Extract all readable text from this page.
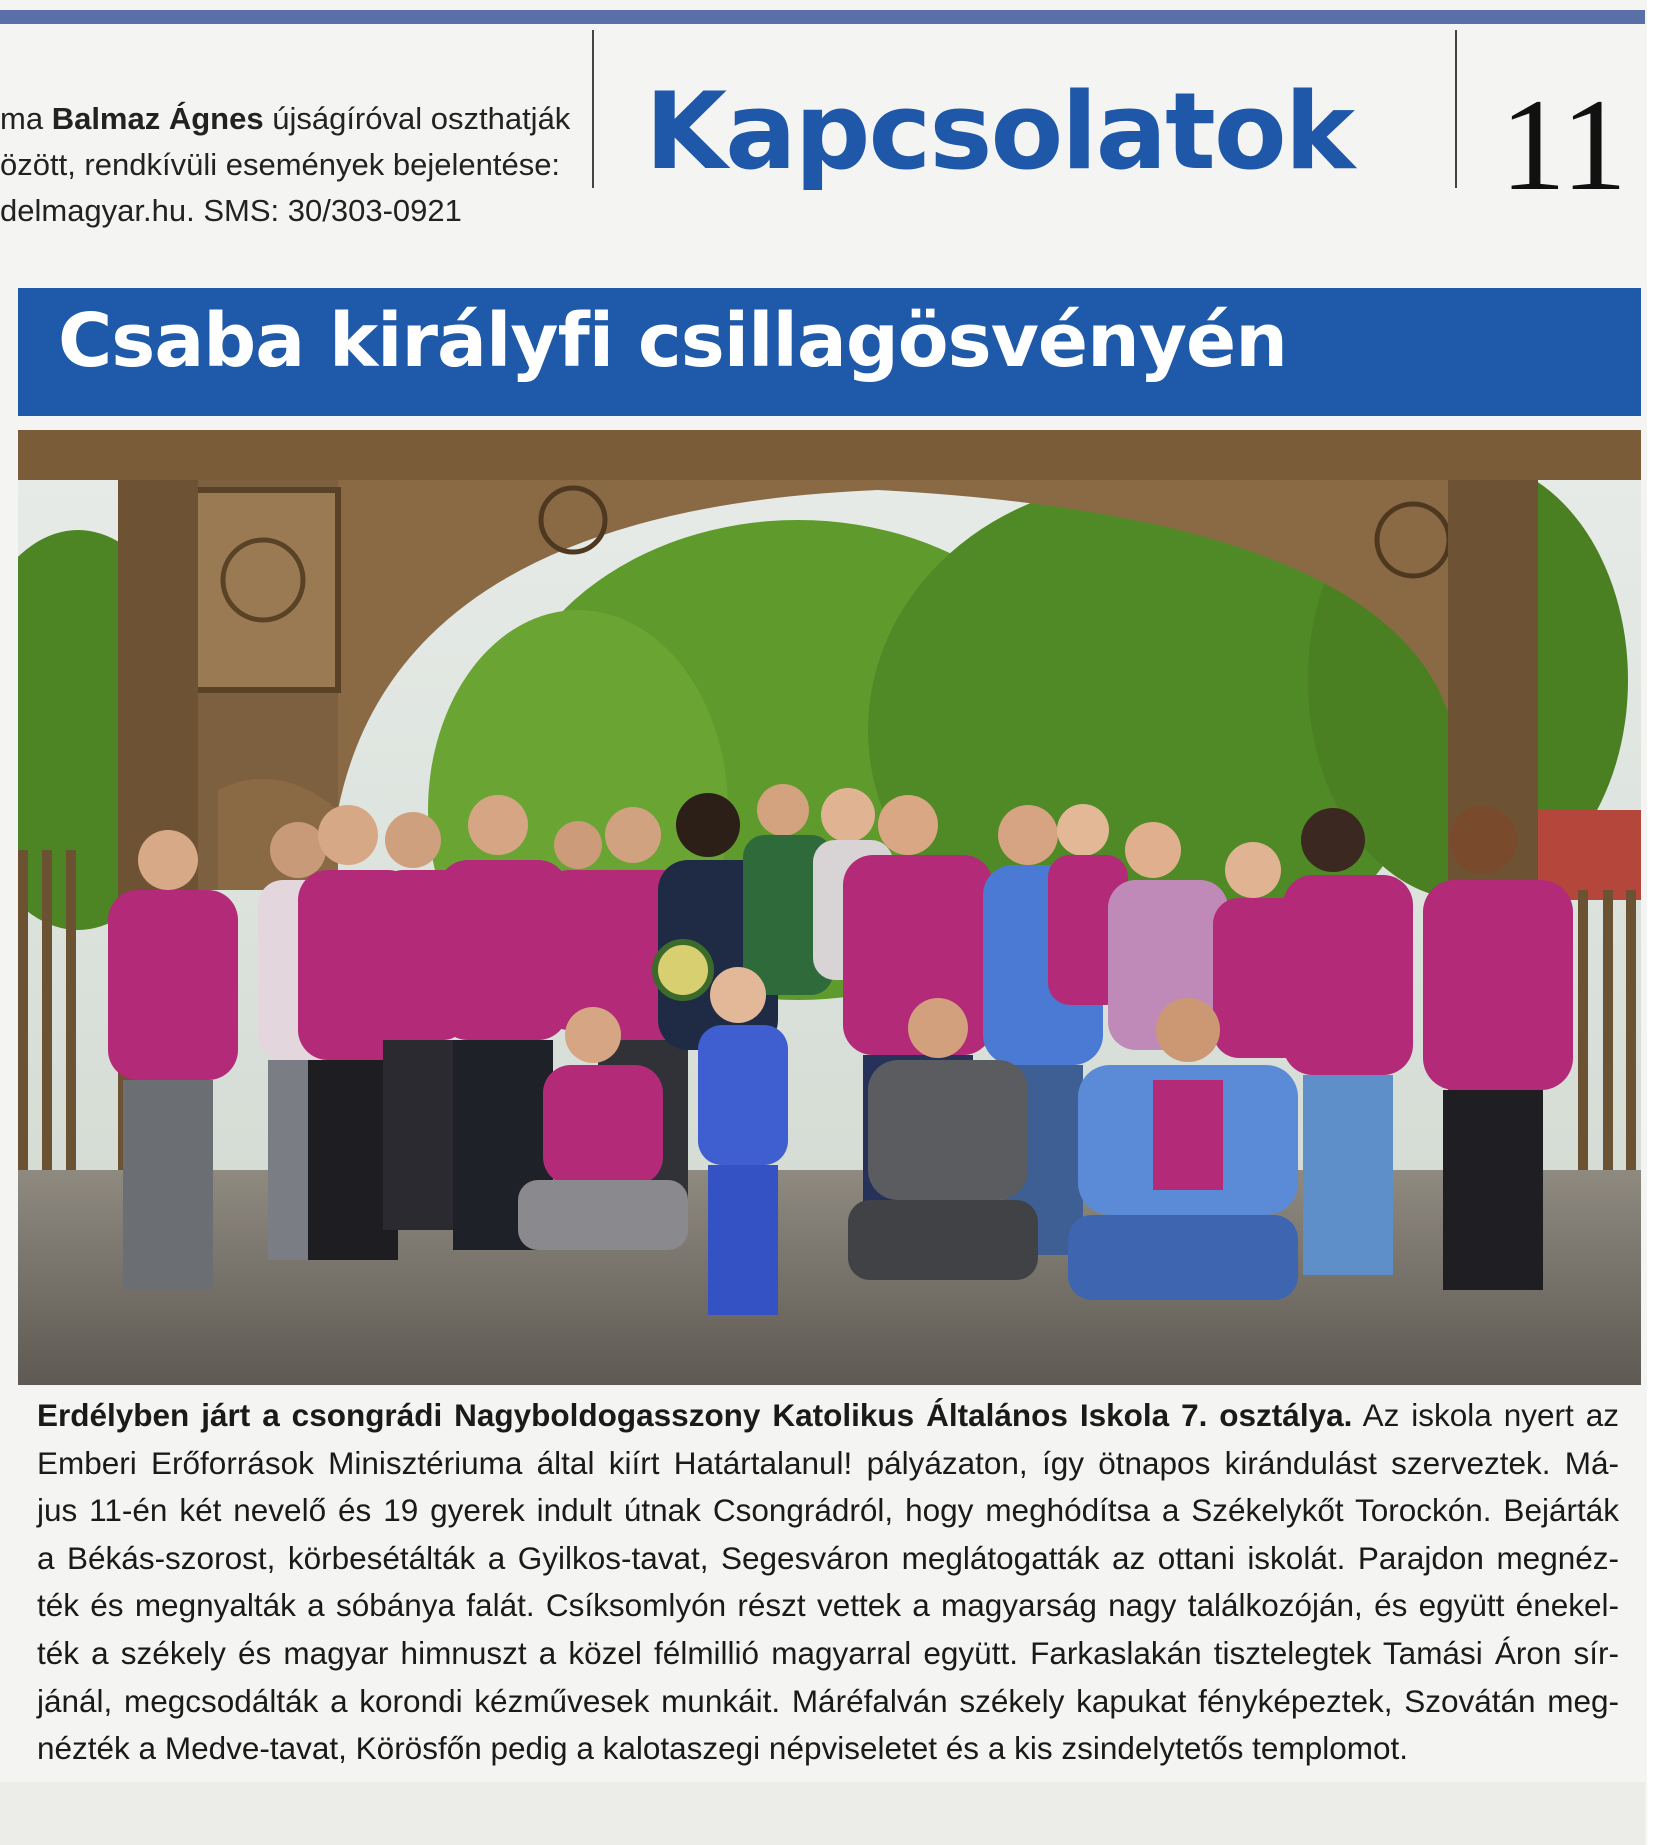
ma Balmaz Ágnes újságíróval oszthatják
özött, rendkívüli események bejelentése:
delmagyar.hu. SMS: 30/303-0921
Kapcsolatok 11
Csaba királyfi csillagösvényén
Erdélyben járt a csongrádi Nagyboldogasszony Katolikus Általános Iskola 7. osztálya. Az iskola nyert az
Emberi Erőforrások Minisztériuma által kiírt Határtalanul! pályázaton, így ötnapos kirándulást szerveztek. Má-
jus 11-én két nevelő és 19 gyerek indult útnak Csongrádról, hogy meghódítsa a Székelykőt Torockón. Bejárták
a Békás-szorost, körbesétálták a Gyilkos-tavat, Segesváron meglátogatták az ottani iskolát. Parajdon megnéz-
ték és megnyalták a sóbánya falát. Csíksomlyón részt vettek a magyarság nagy találkozóján, és együtt énekel-
ték a székely és magyar himnuszt a közel félmillió magyarral együtt. Farkaslakán tisztelegtek Tamási Áron sír-
jánál, megcsodálták a korondi kézművesek munkáit. Máréfalván székely kapukat fényképeztek, Szovátán meg-
nézték a Medve-tavat, Körösfőn pedig a kalotaszegi népviseletet és a kis zsindelytetős templomot.
